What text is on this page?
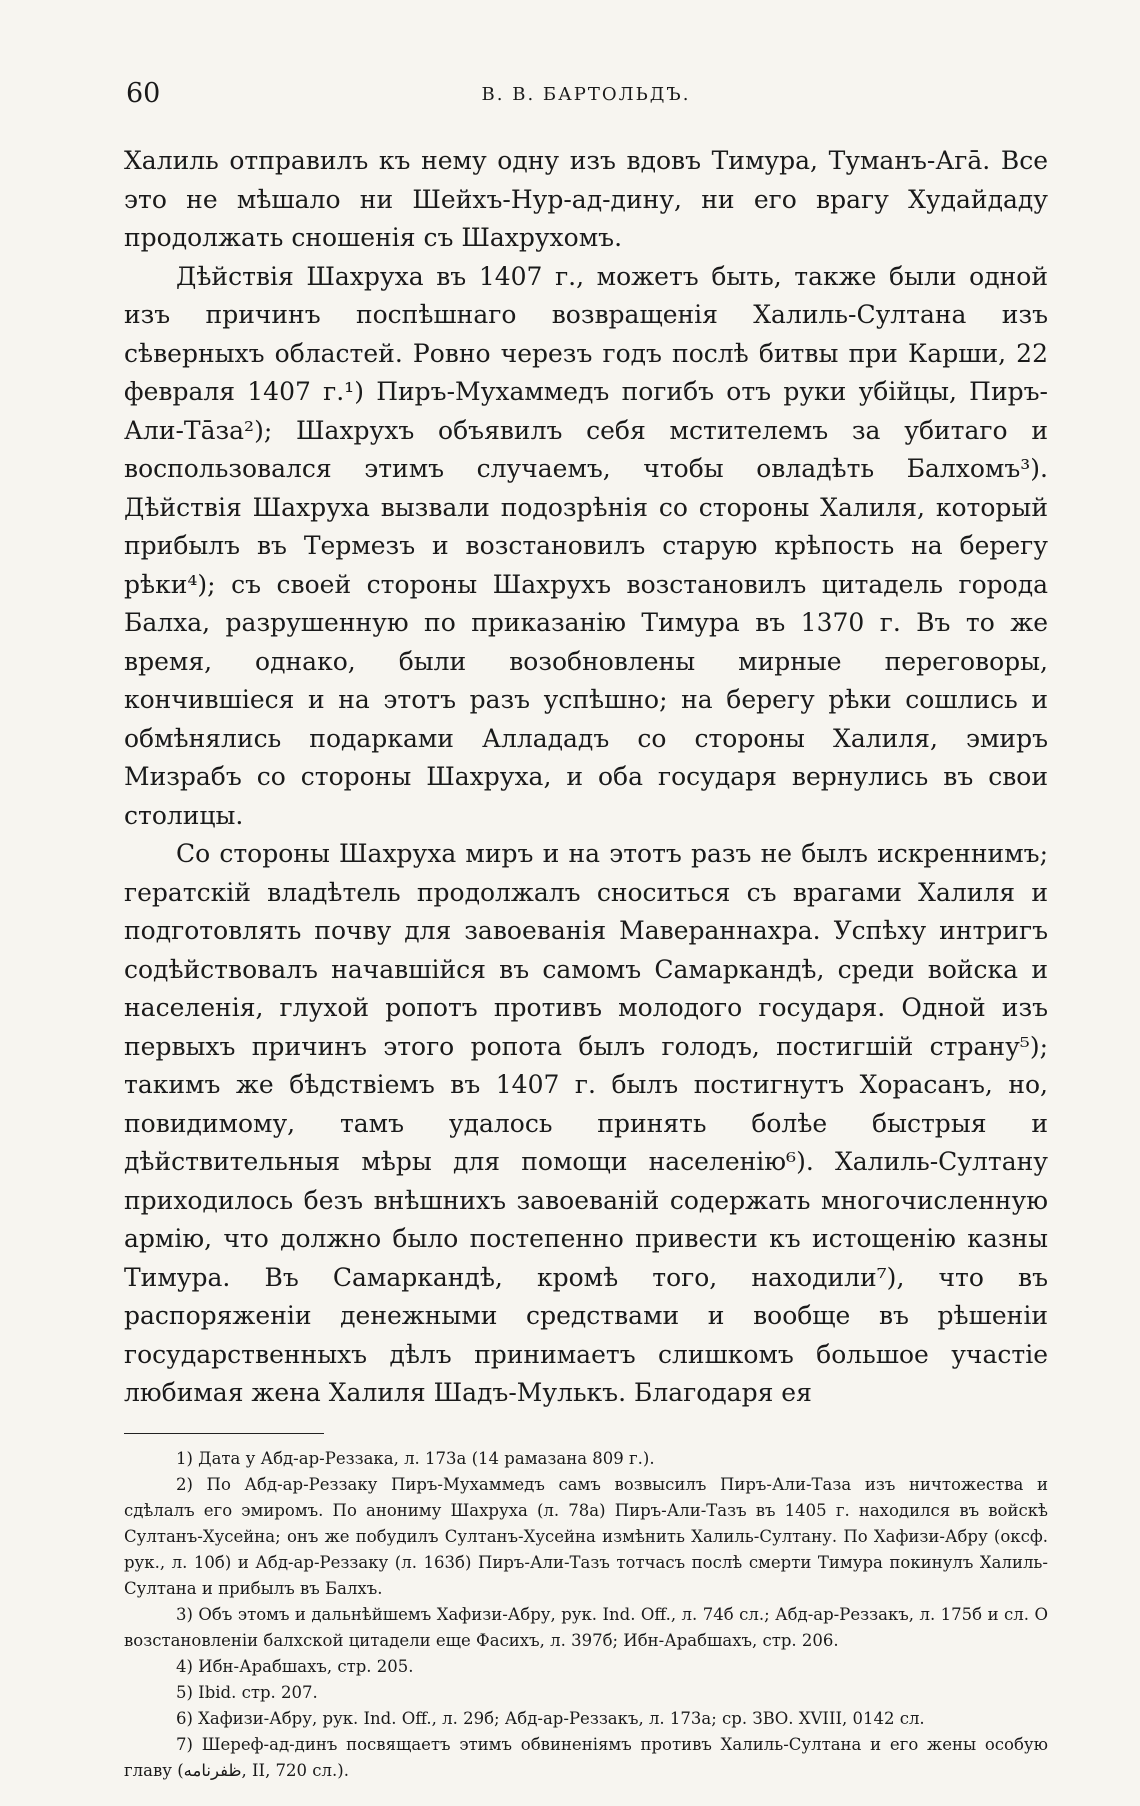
60	В. В. БАРТОЛЬДЪ.

Халиль отправилъ къ нему одну изъ вдовъ Тимура, Туманъ-Ага̄. Все это не мѣшало ни Шейхъ-Нур-ад-дину, ни его врагу Худайдаду продолжать сношенія съ Шахрухомъ.

Дѣйствія Шахруха въ 1407 г., можетъ быть, также были одной изъ причинъ поспѣшнаго возвращенія Халиль-Султана изъ сѣверныхъ областей. Ровно черезъ годъ послѣ битвы при Карши, 22 февраля 1407 г.¹) Пиръ-Мухаммедъ погибъ отъ руки убійцы, Пиръ-Али-Та̄за²); Шахрухъ объявилъ себя мстителемъ за убитаго и воспользовался этимъ случаемъ, чтобы овладѣть Балхомъ³). Дѣйствія Шахруха вызвали подозрѣнія со стороны Халиля, который прибылъ въ Термезъ и возстановилъ старую крѣпость на берегу рѣки⁴); съ своей стороны Шахрухъ возстановилъ цитадель города Балха, разрушенную по приказанію Тимура въ 1370 г. Въ то же время, однако, были возобновлены мирные переговоры, кончившіеся и на этотъ разъ успѣшно; на берегу рѣки сошлись и обмѣнялись подарками Аллададъ со стороны Халиля, эмиръ Мизрабъ со стороны Шахруха, и оба государя вернулись въ свои столицы.

Со стороны Шахруха миръ и на этотъ разъ не былъ искреннимъ; гератскій владѣтель продолжалъ сноситься съ врагами Халиля и подготовлять почву для завоеванія Мавераннахра. Успѣху интригъ содѣйствовалъ начавшійся въ самомъ Самаркандѣ, среди войска и населенія, глухой ропотъ противъ молодого государя. Одной изъ первыхъ причинъ этого ропота былъ голодъ, постигшій страну⁵); такимъ же бѣдствіемъ въ 1407 г. былъ постигнутъ Хорасанъ, но, повидимому, тамъ удалось принять болѣе быстрыя и дѣйствительныя мѣры для помощи населенію⁶). Халиль-Султану приходилось безъ внѣшнихъ завоеваній содержать многочисленную армію, что должно было постепенно привести къ истощенію казны Тимура. Въ Самаркандѣ, кромѣ того, находили⁷), что въ распоряженіи денежными средствами и вообще въ рѣшеніи государственныхъ дѣлъ принимаетъ слишкомъ большое участіе любимая жена Халиля Шадъ-Мулькъ. Благодаря ея

1) Дата у Абд-ар-Реззака, л. 173а (14 рамазана 809 г.).

2) По Абд-ар-Реззаку Пиръ-Мухаммедъ самъ возвысилъ Пиръ-Али-Таза изъ ничтожества и сдѣлалъ его эмиромъ. По анониму Шахруха (л. 78а) Пиръ-Али-Тазъ въ 1405 г. находился въ войскѣ Султанъ-Хусейна; онъ же побудилъ Султанъ-Хусейна измѣнить Халиль-Султану. По Хафизи-Абру (оксф. рук., л. 10б) и Абд-ар-Реззаку (л. 163б) Пиръ-Али-Тазъ тотчасъ послѣ смерти Тимура покинулъ Халиль-Султана и прибылъ въ Балхъ.

3) Объ этомъ и дальнѣйшемъ Хафизи-Абру, рук. Ind. Off., л. 74б сл.; Абд-ар-Реззакъ, л. 175б и сл. О возстановленіи балхской цитадели еще Фасихъ, л. 397б; Ибн-Арабшахъ, стр. 206.

4) Ибн-Арабшахъ, стр. 205.

5) Ibid. стр. 207.

6) Хафизи-Абру, рук. Ind. Off., л. 29б; Абд-ар-Реззакъ, л. 173а; ср. ЗВО. XVIII, 0142 сл.

7) Шереф-ад-динъ посвящаетъ этимъ обвиненіямъ противъ Халиль-Султана и его жены особую главу (ظفرنامه, II, 720 сл.).
